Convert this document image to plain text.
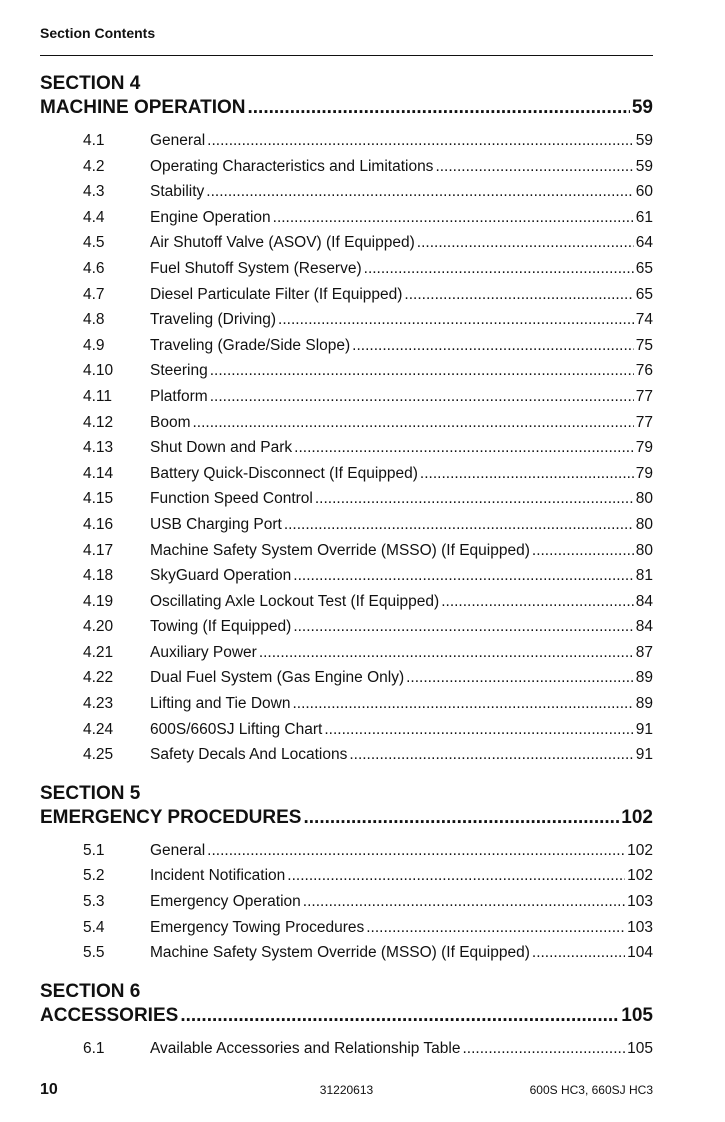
Section Contents
SECTION 4
MACHINE OPERATION .....	59
4.1	General .....	59
4.2	Operating Characteristics and Limitations .....	59
4.3	Stability .....	60
4.4	Engine Operation .....	61
4.5	Air Shutoff Valve (ASOV) (If Equipped) .....	64
4.6	Fuel Shutoff System (Reserve) .....	65
4.7	Diesel Particulate Filter (If Equipped) .....	65
4.8	Traveling (Driving) .....	74
4.9	Traveling (Grade/Side Slope) .....	75
4.10	Steering .....	76
4.11	Platform .....	77
4.12	Boom .....	77
4.13	Shut Down and Park .....	79
4.14	Battery Quick-Disconnect (If Equipped) .....	79
4.15	Function Speed Control .....	80
4.16	USB Charging Port .....	80
4.17	Machine Safety System Override (MSSO) (If Equipped) .....	80
4.18	SkyGuard Operation .....	81
4.19	Oscillating Axle Lockout Test (If Equipped) .....	84
4.20	Towing (If Equipped) .....	84
4.21	Auxiliary Power .....	87
4.22	Dual Fuel System (Gas Engine Only) .....	89
4.23	Lifting and Tie Down .....	89
4.24	600S/660SJ Lifting Chart .....	91
4.25	Safety Decals And Locations .....	91
SECTION 5
EMERGENCY PROCEDURES .....	102
5.1	General .....	102
5.2	Incident Notification .....	102
5.3	Emergency Operation .....	103
5.4	Emergency Towing Procedures .....	103
5.5	Machine Safety System Override (MSSO) (If Equipped) .....	104
SECTION 6
ACCESSORIES .....	105
6.1	Available Accessories and Relationship Table .....	105
10	31220613	600S HC3, 660SJ HC3
